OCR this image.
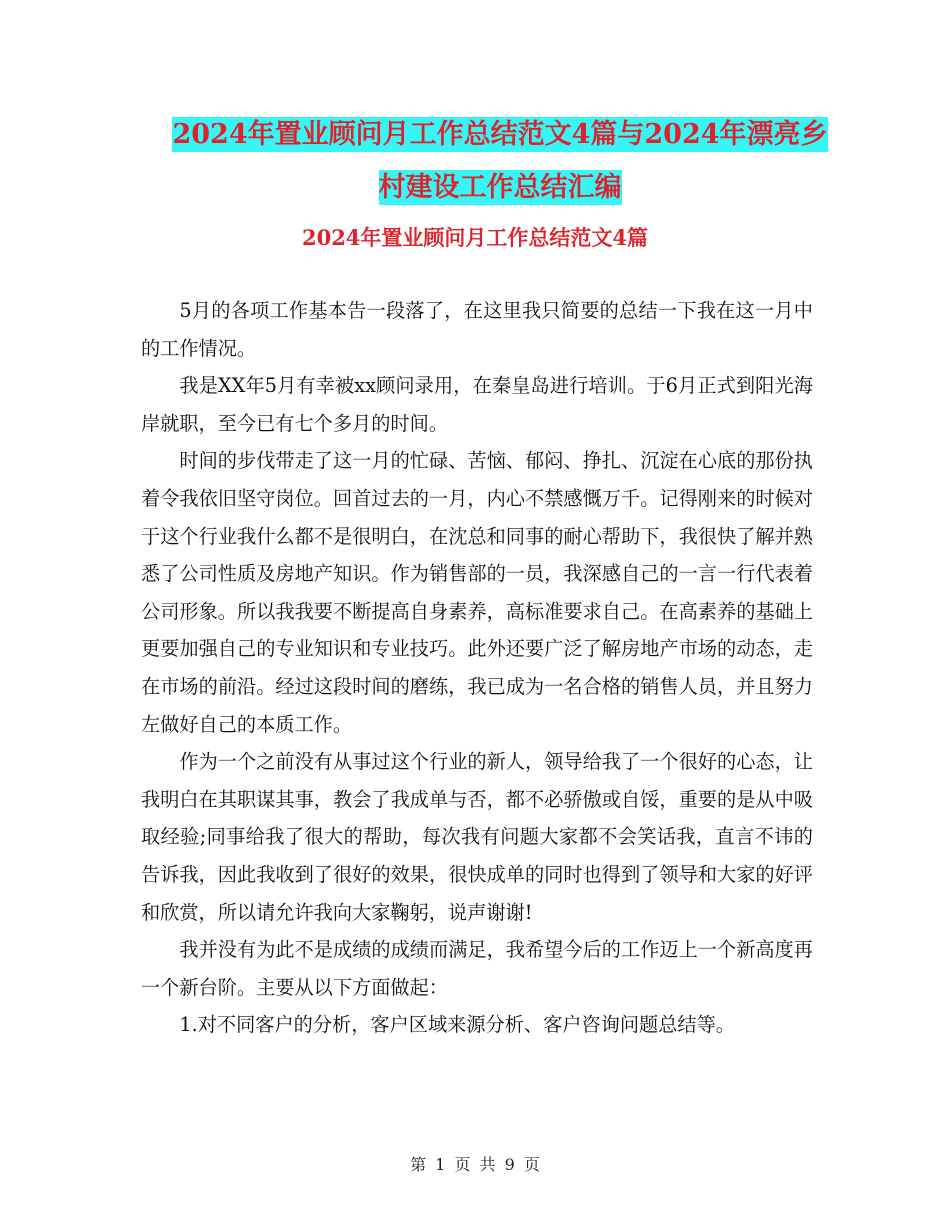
2024年置业顾问月工作总结范文4篇与2024年漂亮乡
村建设工作总结汇编
2024年置业顾问月工作总结范文4篇

5月的各项工作基本告一段落了，在这里我只简要的总结一下我在这一月中的工作情况。

我是XX年5月有幸被xx顾问录用，在秦皇岛进行培训。于6月正式到阳光海岸就职，至今已有七个多月的时间。

时间的步伐带走了这一月的忙碌、苦恼、郁闷、挣扎、沉淀在心底的那份执着令我依旧坚守岗位。回首过去的一月，内心不禁感慨万千。记得刚来的时候对于这个行业我什么都不是很明白，在沈总和同事的耐心帮助下，我很快了解并熟悉了公司性质及房地产知识。作为销售部的一员，我深感自己的一言一行代表着公司形象。所以我我要不断提高自身素养，高标准要求自己。在高素养的基础上更要加强自己的专业知识和专业技巧。此外还要广泛了解房地产市场的动态，走在市场的前沿。经过这段时间的磨练，我已成为一名合格的销售人员，并且努力左做好自己的本质工作。

作为一个之前没有从事过这个行业的新人，领导给我了一个很好的心态，让我明白在其职谋其事，教会了我成单与否，都不必骄傲或自馁，重要的是从中吸取经验;同事给我了很大的帮助，每次我有问题大家都不会笑话我，直言不讳的告诉我，因此我收到了很好的效果，很快成单的同时也得到了领导和大家的好评和欣赏，所以请允许我向大家鞠躬，说声谢谢!

我并没有为此不是成绩的成绩而满足，我希望今后的工作迈上一个新高度再一个新台阶。主要从以下方面做起：

1.对不同客户的分析，客户区域来源分析、客户咨询问题总结等。

第 1 页 共 9 页
